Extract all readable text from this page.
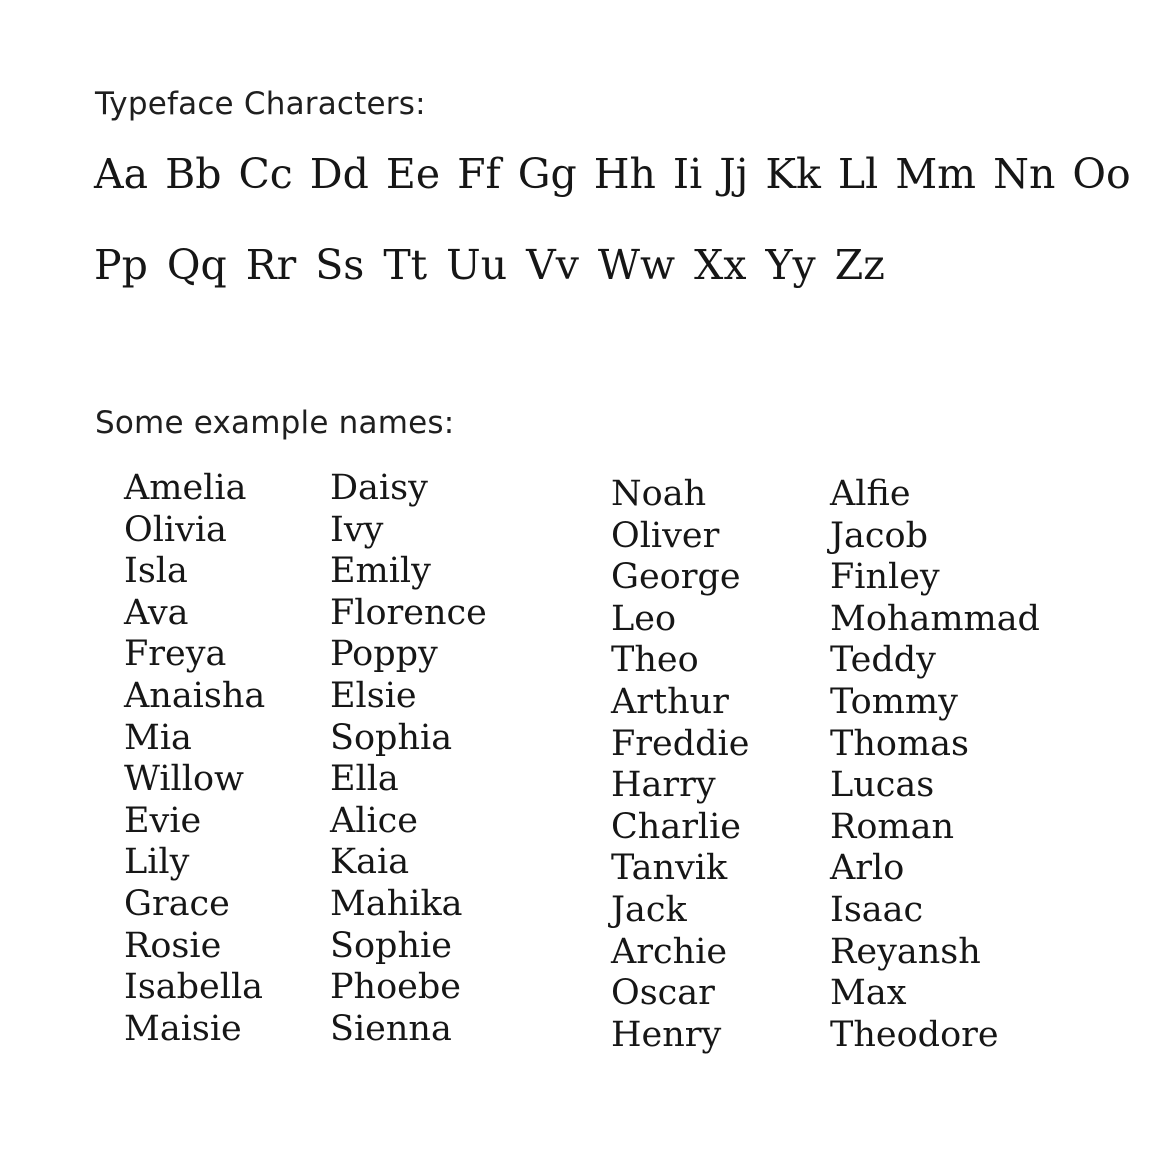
Typeface Characters:
Aa Bb Cc Dd Ee Ff Gg Hh Ii Jj Kk Ll Mm Nn Oo
Pp Qq Rr Ss Tt Uu Vv Ww Xx Yy Zz
Some example names:
Amelia
Olivia
Isla
Ava
Freya
Anaisha
Mia
Willow
Evie
Lily
Grace
Rosie
Isabella
Maisie
Daisy
Ivy
Emily
Florence
Poppy
Elsie
Sophia
Ella
Alice
Kaia
Mahika
Sophie
Phoebe
Sienna
Noah
Oliver
George
Leo
Theo
Arthur
Freddie
Harry
Charlie
Tanvik
Jack
Archie
Oscar
Henry
Alfie
Jacob
Finley
Mohammad
Teddy
Tommy
Thomas
Lucas
Roman
Arlo
Isaac
Reyansh
Max
Theodore
